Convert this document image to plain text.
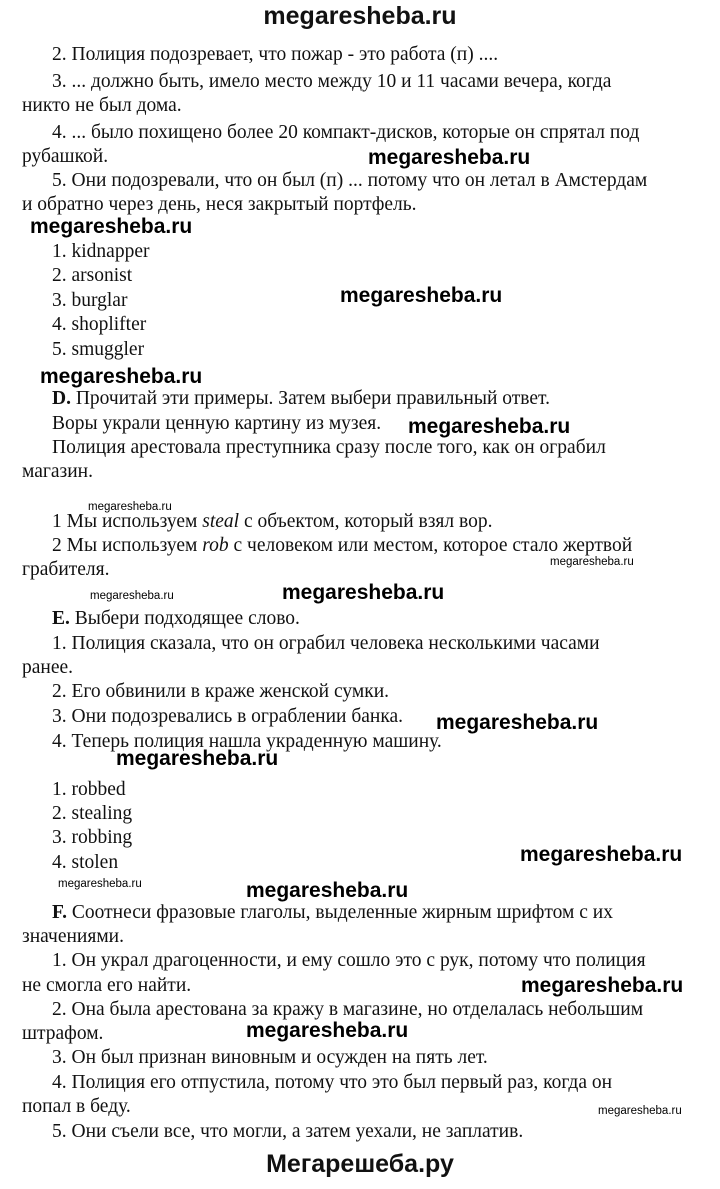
megaresheba.ru
2. Полиция подозревает, что пожар - это работа (п) ....
3. ... должно быть, имело место между 10 и 11 часами вечера, когда
никто не был дома.
4. ... было похищено более 20 компакт-дисков, которые он спрятал под
рубашкой.
5. Они подозревали, что он был (п) ... потому что он летал в Амстердам
и обратно через день, неся закрытый портфель.
1. kidnapper
2. arsonist
3. burglar
4. shoplifter
5. smuggler
D. Прочитай эти примеры. Затем выбери правильный ответ.
Воры украли ценную картину из музея.
Полиция арестовала преступника сразу после того, как он ограбил
магазин.
1 Мы используем steal с объектом, который взял вор.
2 Мы используем rob с человеком или местом, которое стало жертвой
грабителя.
E. Выбери подходящее слово.
1. Полиция сказала, что он ограбил человека несколькими часами
ранее.
2. Его обвинили в краже женской сумки.
3. Они подозревались в ограблении банка.
4. Теперь полиция нашла украденную машину.
1. robbed
2. stealing
3. robbing
4. stolen
F. Соотнеси фразовые глаголы, выделенные жирным шрифтом с их
значениями.
1. Он украл драгоценности, и ему сошло это с рук, потому что полиция
не смогла его найти.
2. Она была арестована за кражу в магазине, но отделалась небольшим
штрафом.
3. Он был признан виновным и осужден на пять лет.
4. Полиция его отпустила, потому что это был первый раз, когда он
попал в беду.
5. Они съели все, что могли, а затем уехали, не заплатив.
megaresheba.ru
megaresheba.ru
megaresheba.ru
megaresheba.ru
megaresheba.ru
megaresheba.ru
megaresheba.ru
megaresheba.ru	megaresheba.ru
megaresheba.ru
megaresheba.ru
megaresheba.ru
megaresheba.ru	megaresheba.ru
megaresheba.ru
megaresheba.ru
megaresheba.ru
Мегарешеба.ру
